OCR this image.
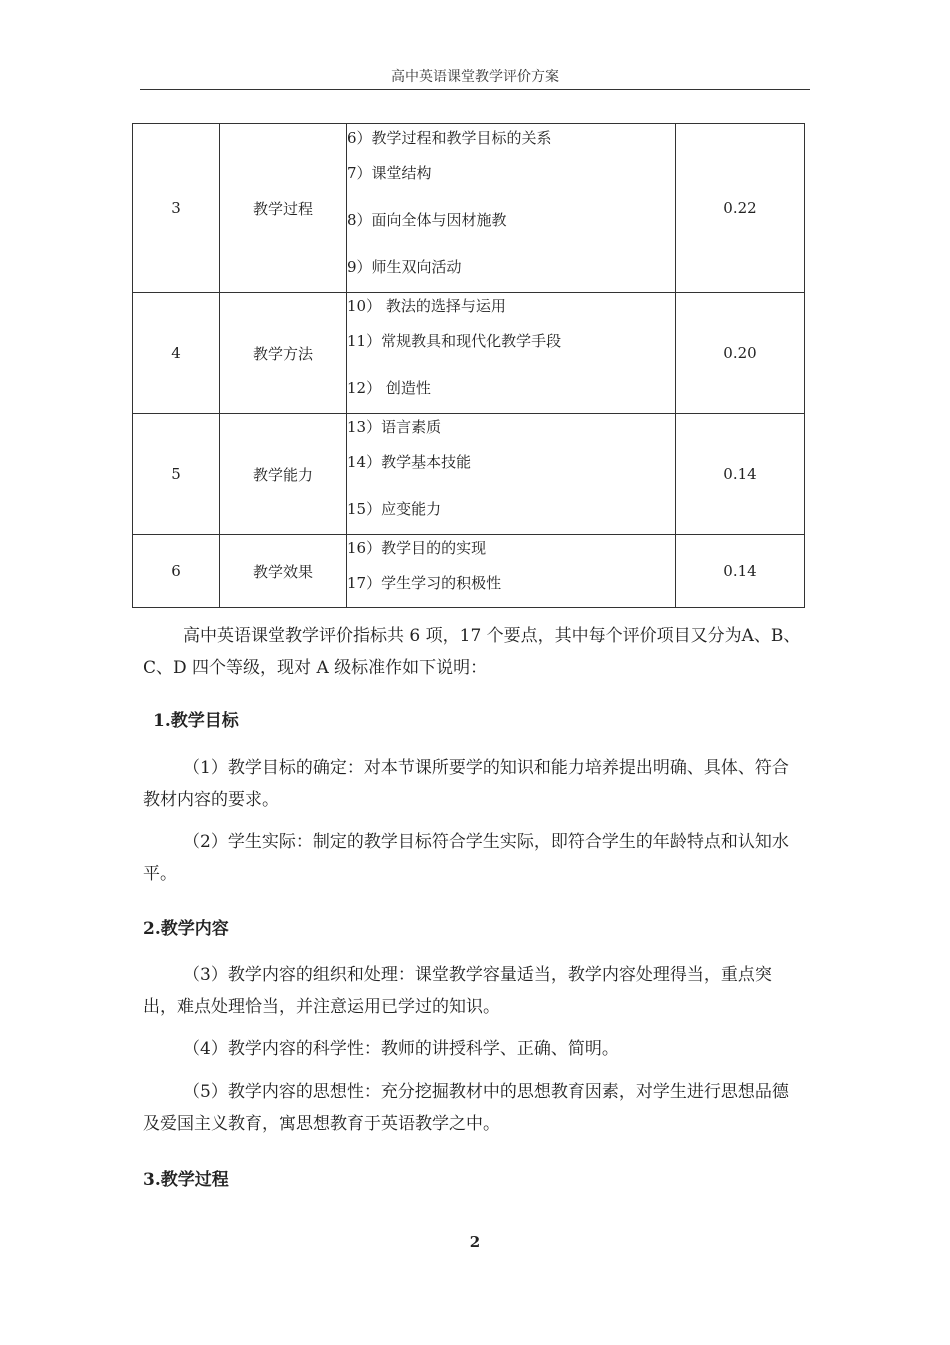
高中英语课堂教学评价方案
3	教学过程	6）教学过程和教学目标的关系
7）课堂结构
8）面向全体与因材施教
9）师生双向活动	0.22
4	教学方法	10） 教法的选择与运用
11）常规教具和现代化教学手段
12） 创造性	0.20
5	教学能力	13）语言素质
14）教学基本技能
15）应变能力	0.14
6	教学效果	16）教学目的的实现
17）学生学习的积极性	0.14

高中英语课堂教学评价指标共 6 项，17 个要点，其中每个评价项目又分为A、B、C、D 四个等级，现对 A 级标准作如下说明：

1.教学目标

（1）教学目标的确定：对本节课所要学的知识和能力培养提出明确、具体、符合教材内容的要求。

（2）学生实际：制定的教学目标符合学生实际，即符合学生的年龄特点和认知水平。

2.教学内容

（3）教学内容的组织和处理：课堂教学容量适当，教学内容处理得当，重点突出，难点处理恰当，并注意运用已学过的知识。

（4）教学内容的科学性：教师的讲授科学、正确、简明。

（5）教学内容的思想性：充分挖掘教材中的思想教育因素，对学生进行思想品德及爱国主义教育，寓思想教育于英语教学之中。

3.教学过程

2
